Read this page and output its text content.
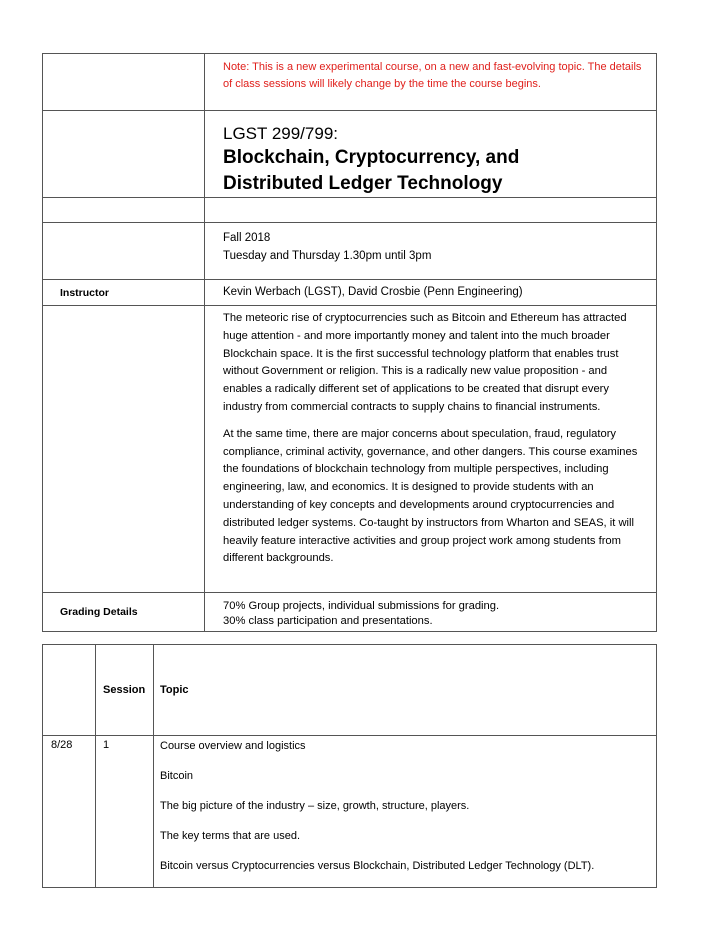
	Note: This is a new experimental course, on a new and fast-evolving topic. The details of class sessions will likely change by the time the course begins.

	LGST 299/799:
Blockchain, Cryptocurrency, and
Distributed Ledger Technology

	Fall 2018
Tuesday and Thursday 1.30pm until 3pm

Instructor	Kevin Werbach (LGST), David Crosbie (Penn Engineering)

	The meteoric rise of cryptocurrencies such as Bitcoin and Ethereum has attracted huge attention - and more importantly money and talent into the much broader Blockchain space. It is the first successful technology platform that enables trust without Government or religion. This is a radically new value proposition - and enables a radically different set of applications to be created that disrupt every industry from commercial contracts to supply chains to financial instruments.
At the same time, there are major concerns about speculation, fraud, regulatory compliance, criminal activity, governance, and other dangers. This course examines the foundations of blockchain technology from multiple perspectives, including engineering, law, and economics. It is designed to provide students with an understanding of key concepts and developments around cryptocurrencies and distributed ledger systems. Co-taught by instructors from Wharton and SEAS, it will heavily feature interactive activities and group project work among students from different backgrounds.

Grading Details	70% Group projects, individual submissions for grading.
30% class participation and presentations.
	Session	Topic
8/28	1	Course overview and logistics
Bitcoin
The big picture of the industry – size, growth, structure, players.
The key terms that are used.
Bitcoin versus Cryptocurrencies versus Blockchain, Distributed Ledger Technology (DLT).
